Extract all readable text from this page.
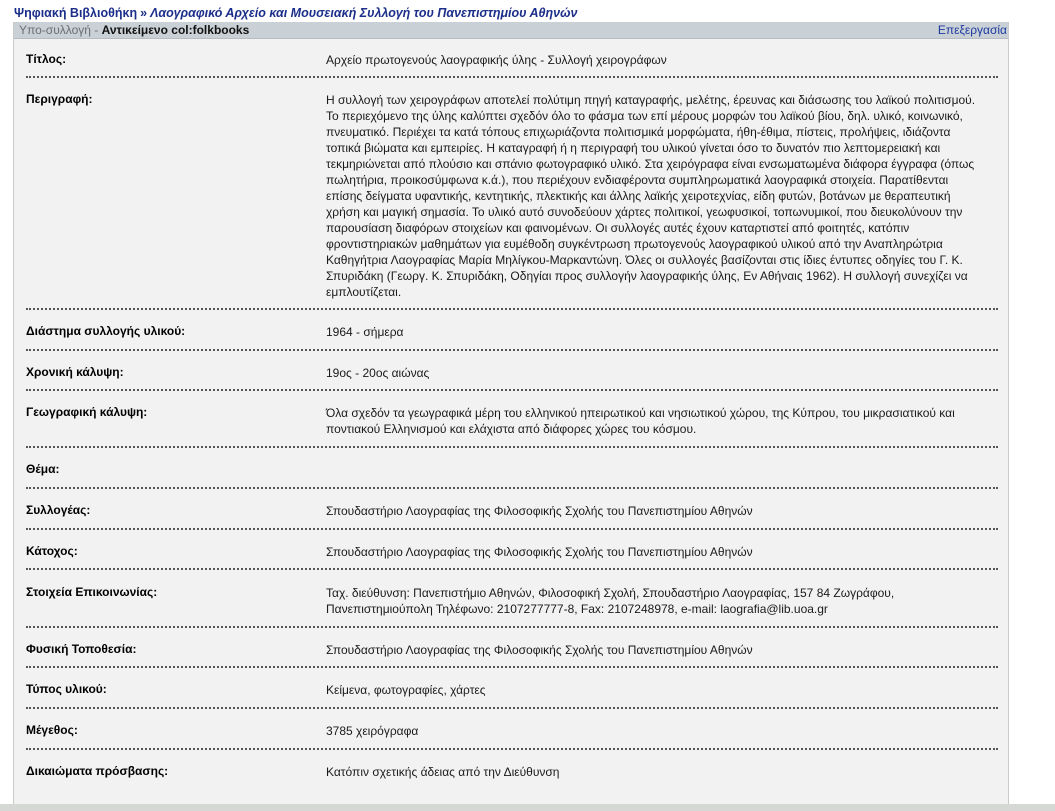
Ψηφιακή Βιβλιοθήκη » Λαογραφικό Αρχείο και Μουσειακή Συλλογή του Πανεπιστημίου Αθηνών
Υπο-συλλογή - Αντικείμενο col:folkbooks	Επεξεργασία
Τίτλος:	Αρχείο πρωτογενούς λαογραφικής ύλης - Συλλογή χειρογράφων
Περιγραφή:	Η συλλογή των χειρογράφων αποτελεί πολύτιμη πηγή καταγραφής, μελέτης, έρευνας και διάσωσης του λαϊκού πολιτισμού. Το περιεχόμενο της ύλης καλύπτει σχεδόν όλο το φάσμα των επί μέρους μορφών του λαϊκού βίου, δηλ. υλικό, κοινωνικό, πνευματικό. Περιέχει τα κατά τόπους επιχωριάζοντα πολιτισμικά μορφώματα, ήθη-έθιμα, πίστεις, προλήψεις, ιδιάζοντα τοπικά βιώματα και εμπειρίες. Η καταγραφή ή η περιγραφή του υλικού γίνεται όσο το δυνατόν πιο λεπτομερειακή και τεκμηριώνεται από πλούσιο και σπάνιο φωτογραφικό υλικό. Στα χειρόγραφα είναι ενσωματωμένα διάφορα έγγραφα (όπως πωλητήρια, προικοσύμφωνα κ.ά.), που περιέχουν ενδιαφέροντα συμπληρωματικά λαογραφικά στοιχεία. Παρατίθενται επίσης δείγματα υφαντικής, κεντητικής, πλεκτικής και άλλης λαϊκής χειροτεχνίας, είδη φυτών, βοτάνων με θεραπευτική χρήση και μαγική σημασία. Το υλικό αυτό συνοδεύουν χάρτες πολιτικοί, γεωφυσικοί, τοπωνυμικοί, που διευκολύνουν την παρουσίαση διαφόρων στοιχείων και φαινομένων. Οι συλλογές αυτές έχουν καταρτιστεί από φοιτητές, κατόπιν φροντιστηριακών μαθημάτων για ευμέθοδη συγκέντρωση πρωτογενούς λαογραφικού υλικού από την Αναπληρώτρια Καθηγήτρια Λαογραφίας Μαρία Μηλίγκου-Μαρκαντώνη. Όλες οι συλλογές βασίζονται στις ίδιες έντυπες οδηγίες του Γ. Κ. Σπυριδάκη (Γεωργ. Κ. Σπυριδάκη, Οδηγίαι προς συλλογήν λαογραφικής ύλης, Εν Αθήναις 1962). Η συλλογή συνεχίζει να εμπλουτίζεται.
Διάστημα συλλογής υλικού:	1964 - σήμερα
Χρονική κάλυψη:	19ος - 20ος αιώνας
Γεωγραφική κάλυψη:	Όλα σχεδόν τα γεωγραφικά μέρη του ελληνικού ηπειρωτικού και νησιωτικού χώρου, της Κύπρου, του μικρασιατικού και ποντιακού Ελληνισμού και ελάχιστα από διάφορες χώρες του κόσμου.
Θέμα:
Συλλογέας:	Σπουδαστήριο Λαογραφίας της Φιλοσοφικής Σχολής του Πανεπιστημίου Αθηνών
Κάτοχος:	Σπουδαστήριο Λαογραφίας της Φιλοσοφικής Σχολής του Πανεπιστημίου Αθηνών
Στοιχεία Επικοινωνίας:	Ταχ. διεύθυνση: Πανεπιστήμιο Αθηνών, Φιλοσοφική Σχολή, Σπουδαστήριο Λαογραφίας, 157 84 Ζωγράφου, Πανεπιστημιούπολη Τηλέφωνο: 2107277777-8, Fax: 2107248978, e-mail: laografia@lib.uoa.gr
Φυσική Τοποθεσία:	Σπουδαστήριο Λαογραφίας της Φιλοσοφικής Σχολής του Πανεπιστημίου Αθηνών
Τύπος υλικού:	Κείμενα, φωτογραφίες, χάρτες
Μέγεθος:	3785 χειρόγραφα
Δικαιώματα πρόσβασης:	Κατόπιν σχετικής άδειας από την Διεύθυνση
